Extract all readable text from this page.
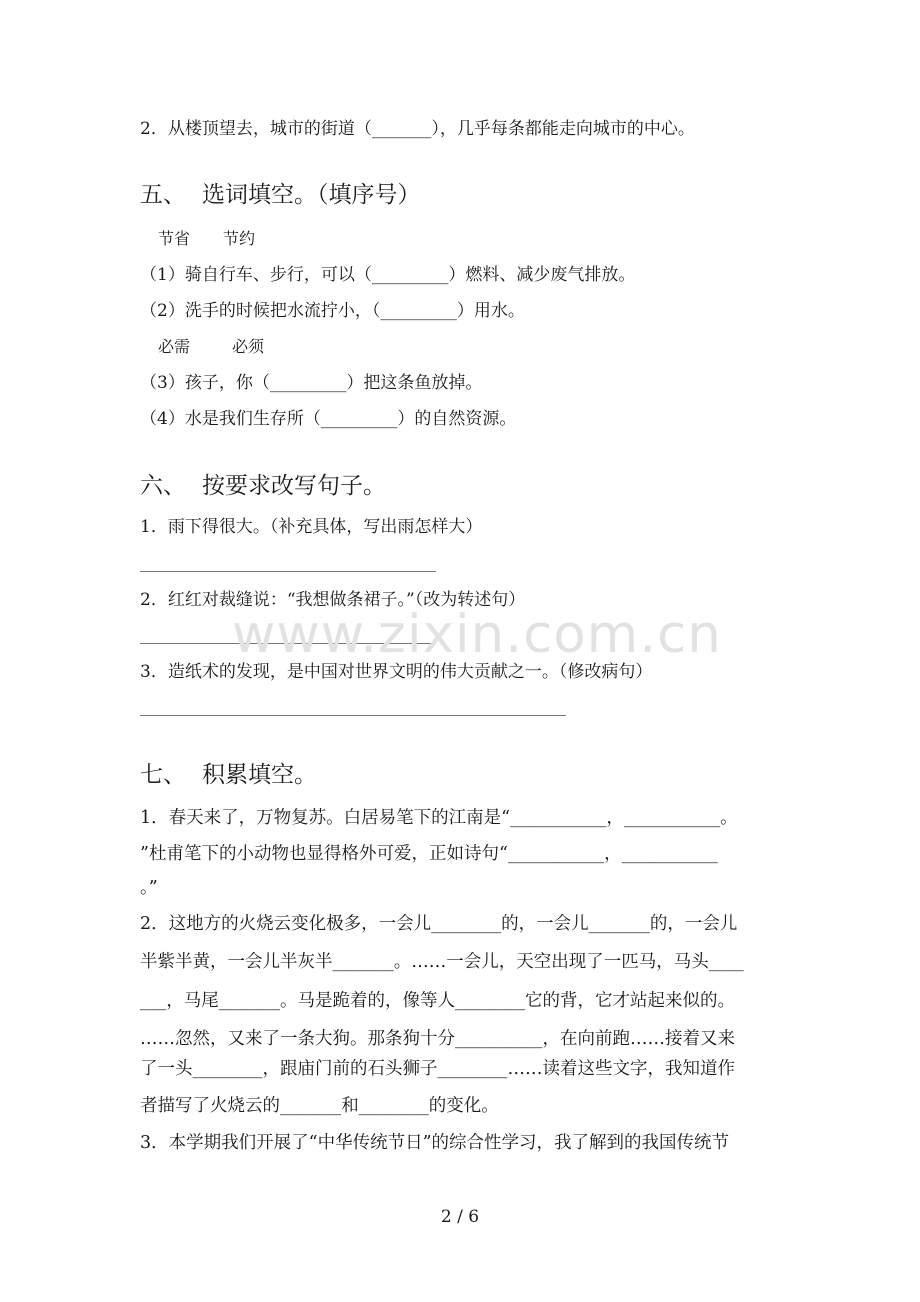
2．从楼顶望去，城市的街道（_______），几乎每条都能走向城市的中心。
五、 选词填空。（填序号）
节省 节约
（1）骑自行车、步行，可以（_________）燃料、减少废气排放。
（2）洗手的时候把水流拧小，（_________）用水。
必需	必须
（3）孩子，你（_________）把这条鱼放掉。
（4）水是我们生存所（_________）的自然资源。
六、 按要求改写句子。
1．雨下得很大。（补充具体，写出雨怎样大）
2．红红对裁缝说：“我想做条裙子。”（改为转述句）
3．造纸术的发现，是中国对世界文明的伟大贡献之一。（修改病句）
七、 积累填空。
1．春天来了，万物复苏。白居易笔下的江南是“___________，___________。
”杜甫笔下的小动物也显得格外可爱，正如诗句“___________，___________
。”
2．这地方的火烧云变化极多，一会儿________的，一会儿_______的，一会儿
半紫半黄，一会儿半灰半_______。……一会儿，天空出现了一匹马，马头____
___，马尾_______。马是跪着的，像等人________它的背，它才站起来似的。
……忽然，又来了一条大狗。那条狗十分__________，在向前跑……接着又来
了一头________，跟庙门前的石头狮子________……读着这些文字，我知道作
者描写了火烧云的_______和________的变化。
3．本学期我们开展了“中华传统节日”的综合性学习，我了解到的我国传统节
www.zixin.com.cn
2 / 6
